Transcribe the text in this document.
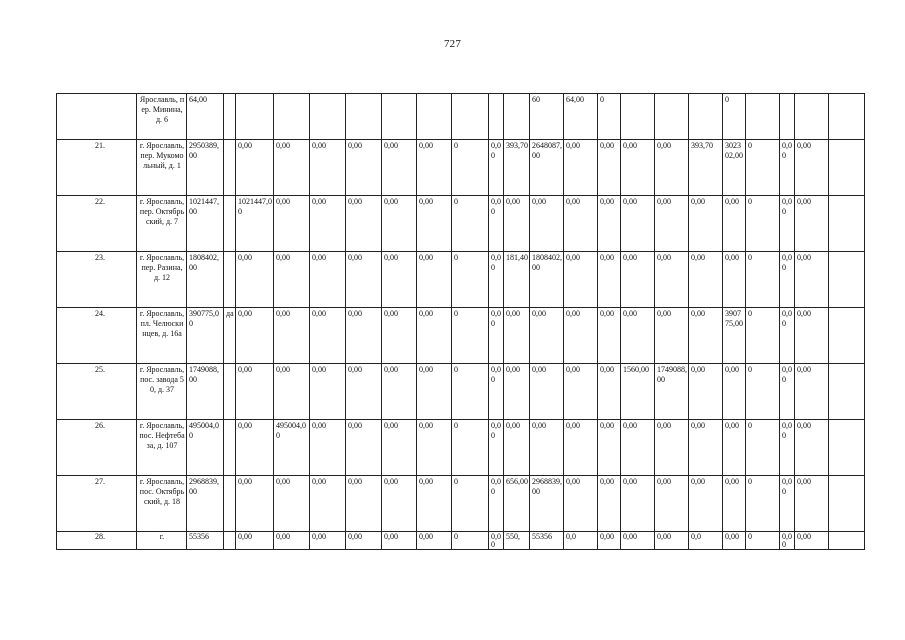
727
	Ярославль, пер. Минина, д. 6	64,00											60	64,00	0				0				
21.	г. Ярославль, пер. Мукомольный, д. 1	2950389,00		0,00	0,00	0,00	0,00	0,00	0,00	0	0,00	393,70	2648087,00	0,00	0,00	0,00	0,00	393,70	302302,00	0	0,00	0,00	
22.	г. Ярославль, пер. Октябрьский, д. 7	1021447,00		1021447,00	0,00	0,00	0,00	0,00	0,00	0	0,00	0,00	0,00	0,00	0,00	0,00	0,00	0,00	0,00	0	0,00	0,00	
23.	г. Ярославль, пер. Разина, д. 12	1808402,00		0,00	0,00	0,00	0,00	0,00	0,00	0	0,00	181,40	1808402,00	0,00	0,00	0,00	0,00	0,00	0,00	0	0,00	0,00	
24.	г. Ярославль, пл. Челюскинцев, д. 16а	390775,00	да	0,00	0,00	0,00	0,00	0,00	0,00	0	0,00	0,00	0,00	0,00	0,00	0,00	0,00	0,00	390775,00	0	0,00	0,00	
25.	г. Ярославль, пос. завода 50, д. 37	1749088,00		0,00	0,00	0,00	0,00	0,00	0,00	0	0,00	0,00	0,00	0,00	0,00	1560,00	1749088,00	0,00	0,00	0	0,00	0,00	
26.	г. Ярославль, пос. Нефтебаза, д. 107	495004,00		0,00	495004,00	0,00	0,00	0,00	0,00	0	0,00	0,00	0,00	0,00	0,00	0,00	0,00	0,00	0,00	0	0,00	0,00	
27.	г. Ярославль, пос. Октябрьский, д. 18	2968839,00		0,00	0,00	0,00	0,00	0,00	0,00	0	0,00	656,00	2968839,00	0,00	0,00	0,00	0,00	0,00	0,00	0	0,00	0,00	
28.	г.	55356		0,00	0,00	0,00	0,00	0,00	0,00	0	0,00	550,	55356	0,0	0,00	0,00	0,00	0,0	0,00	0	0,00	0,00	
